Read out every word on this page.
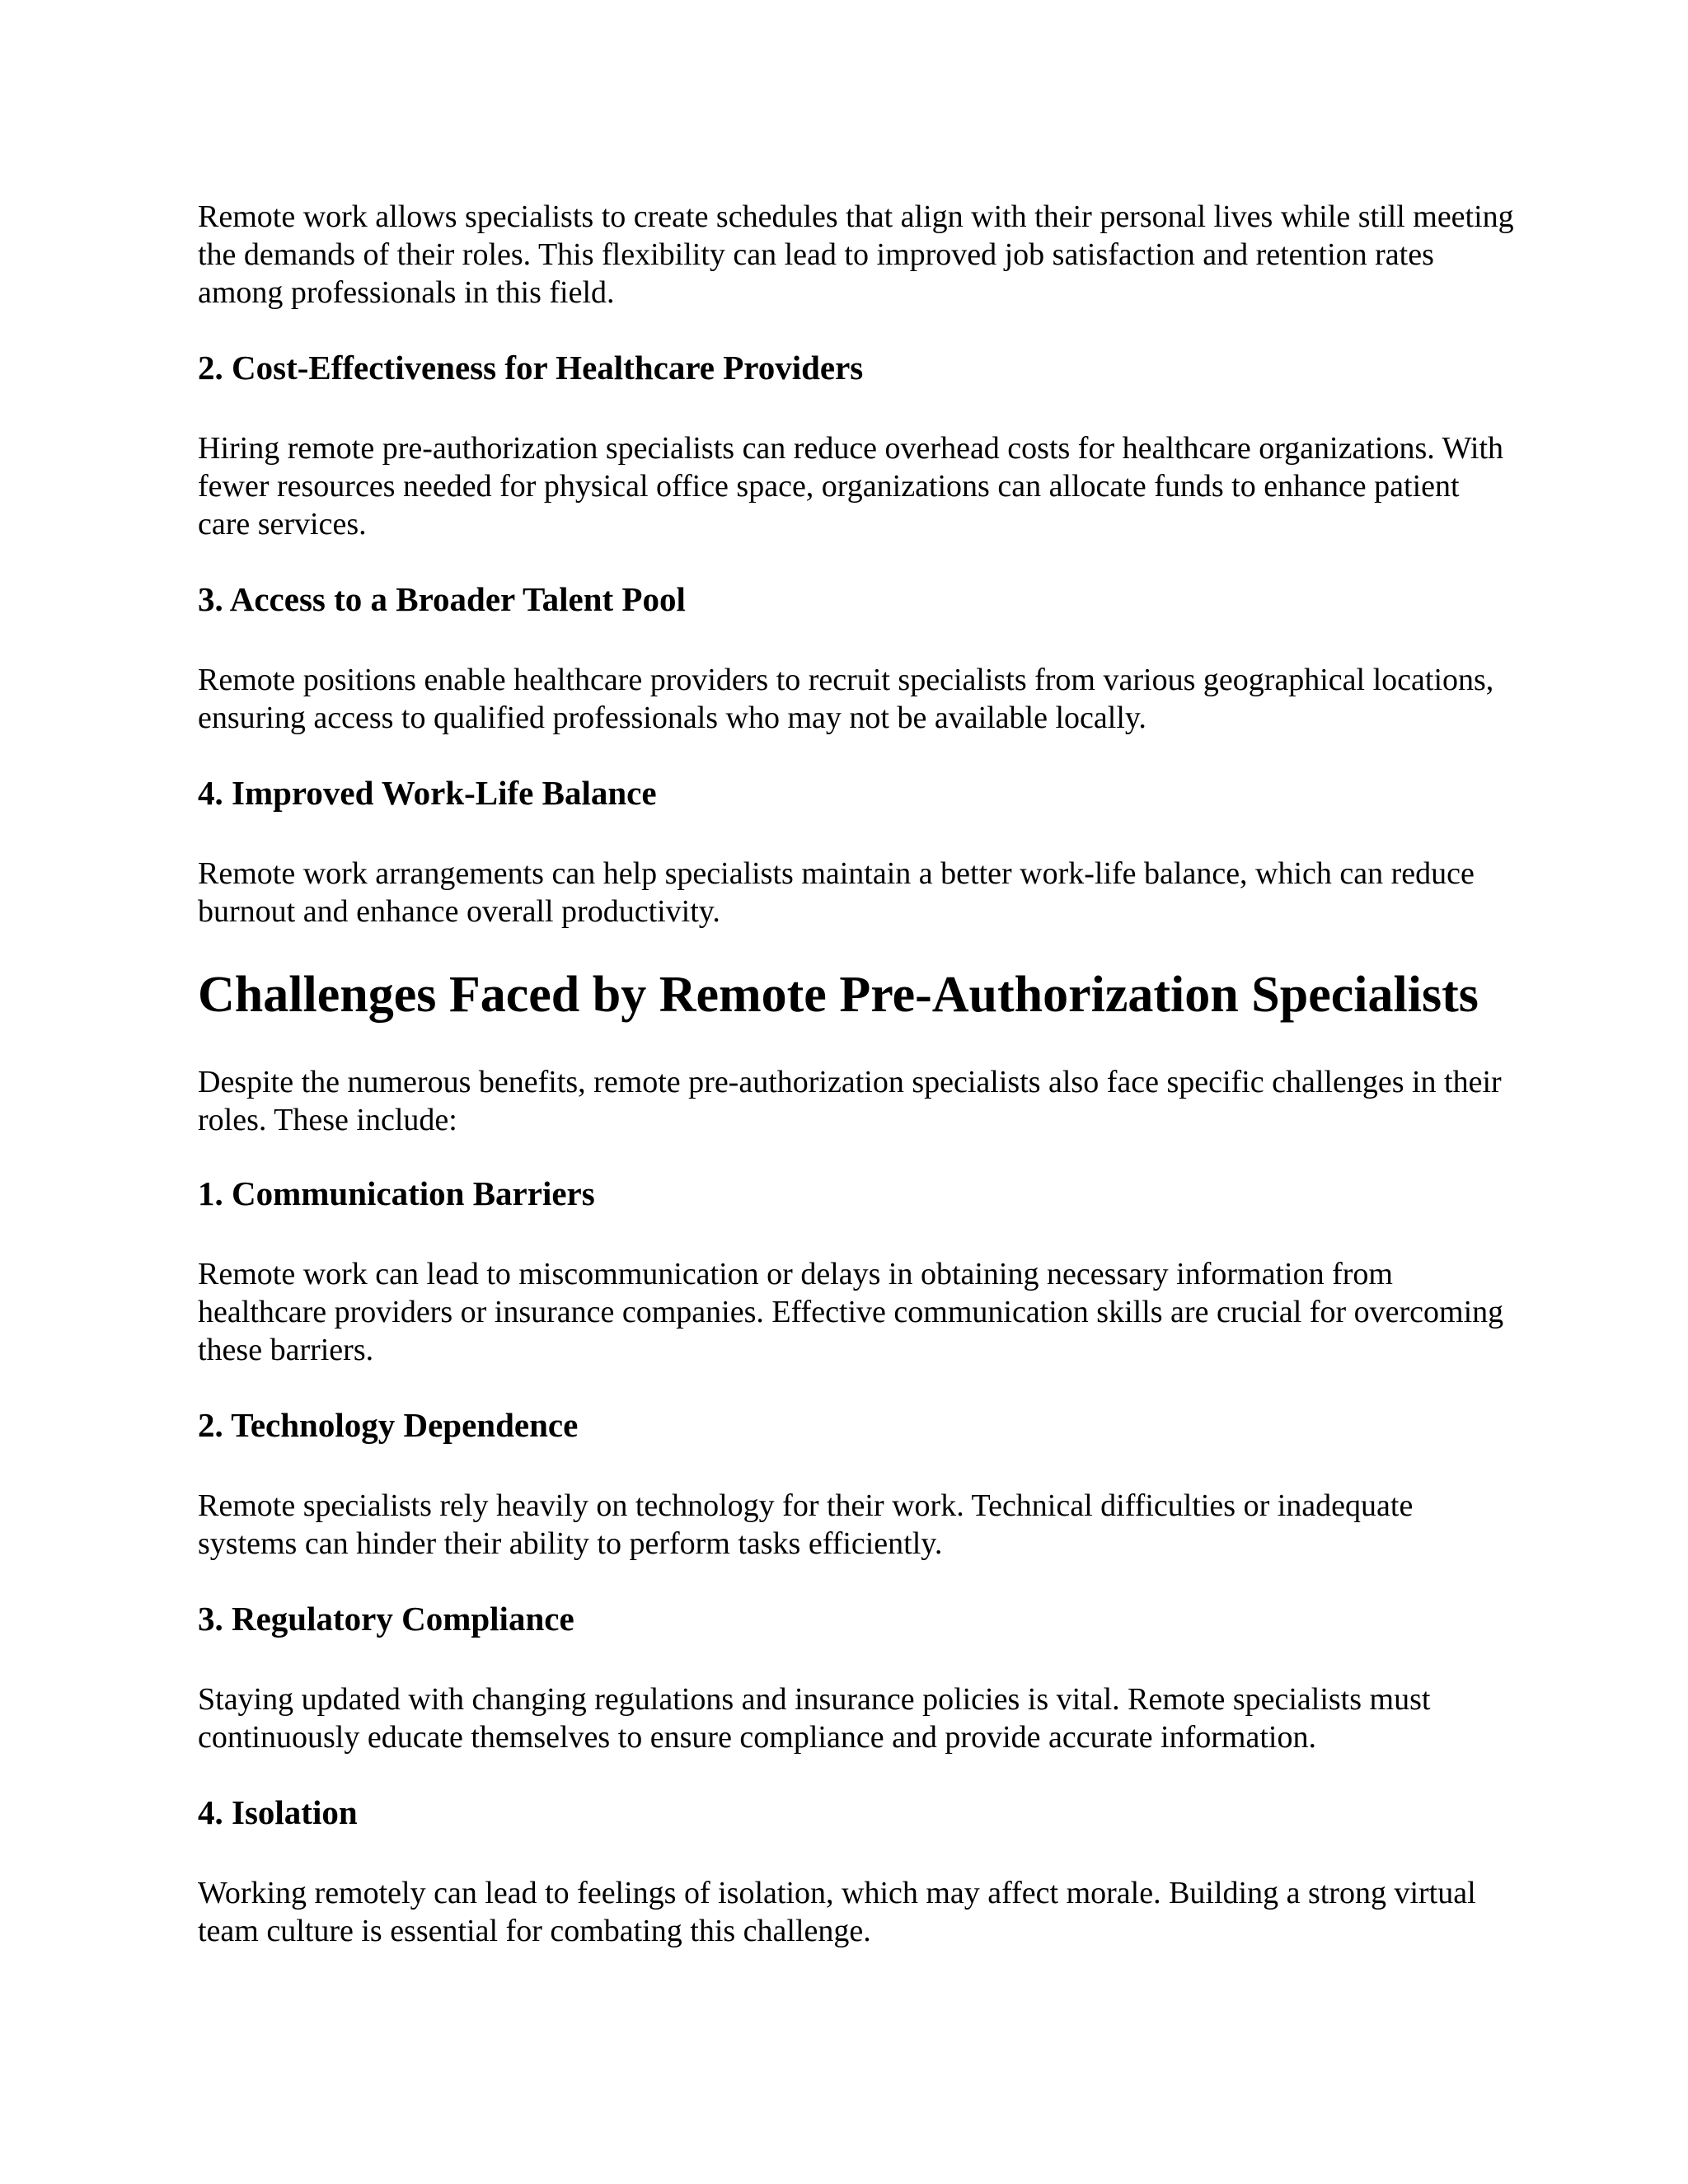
Remote work allows specialists to create schedules that align with their personal lives while still meeting the demands of their roles. This flexibility can lead to improved job satisfaction and retention rates among professionals in this field.

2. Cost-Effectiveness for Healthcare Providers

Hiring remote pre-authorization specialists can reduce overhead costs for healthcare organizations. With fewer resources needed for physical office space, organizations can allocate funds to enhance patient care services.

3. Access to a Broader Talent Pool

Remote positions enable healthcare providers to recruit specialists from various geographical locations, ensuring access to qualified professionals who may not be available locally.

4. Improved Work-Life Balance

Remote work arrangements can help specialists maintain a better work-life balance, which can reduce burnout and enhance overall productivity.

Challenges Faced by Remote Pre-Authorization Specialists

Despite the numerous benefits, remote pre-authorization specialists also face specific challenges in their roles. These include:

1. Communication Barriers

Remote work can lead to miscommunication or delays in obtaining necessary information from healthcare providers or insurance companies. Effective communication skills are crucial for overcoming these barriers.

2. Technology Dependence

Remote specialists rely heavily on technology for their work. Technical difficulties or inadequate systems can hinder their ability to perform tasks efficiently.

3. Regulatory Compliance

Staying updated with changing regulations and insurance policies is vital. Remote specialists must continuously educate themselves to ensure compliance and provide accurate information.

4. Isolation

Working remotely can lead to feelings of isolation, which may affect morale. Building a strong virtual team culture is essential for combating this challenge.
